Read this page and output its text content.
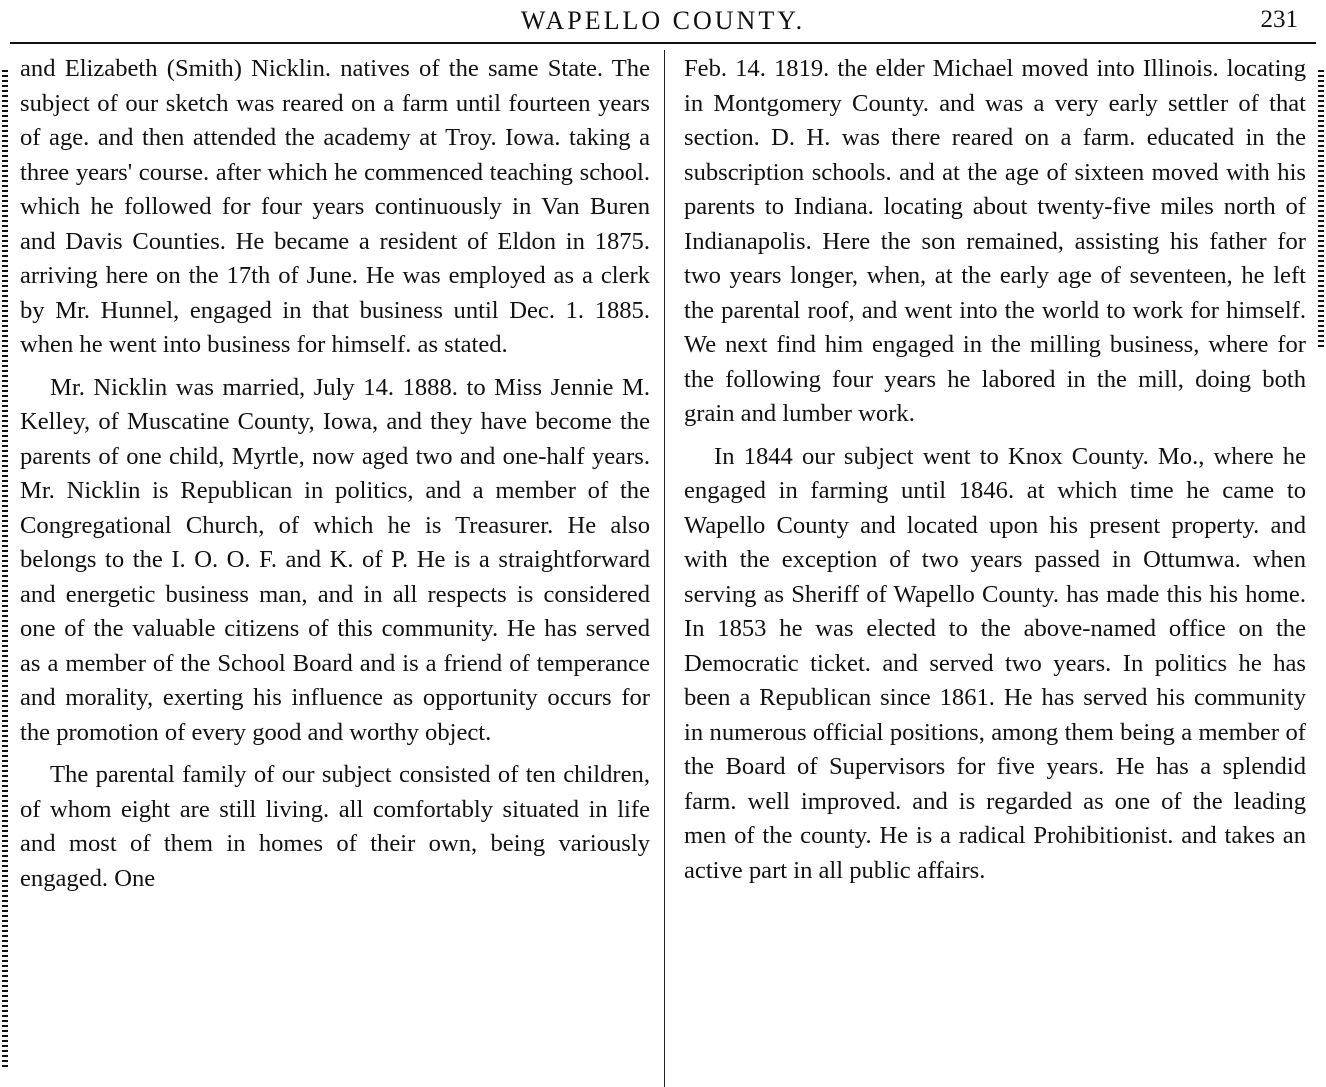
WAPELLO COUNTY.	231

and Elizabeth (Smith) Nicklin. natives of the same State. The subject of our sketch was reared on a farm until fourteen years of age. and then attended the academy at Troy. Iowa. taking a three years' course. after which he commenced teaching school. which he followed for four years continuously in Van Buren and Davis Counties. He became a resident of Eldon in 1875. arriving here on the 17th of June. He was employed as a clerk by Mr. Hunnel, engaged in that business until Dec. 1. 1885. when he went into business for himself. as stated.

Mr. Nicklin was married, July 14. 1888. to Miss Jennie M. Kelley, of Muscatine County, Iowa, and they have become the parents of one child, Myrtle, now aged two and one-half years. Mr. Nicklin is Republican in politics, and a member of the Congregational Church, of which he is Treasurer. He also belongs to the I. O. O. F. and K. of P. He is a straightforward and energetic business man, and in all respects is considered one of the valuable citizens of this community. He has served as a member of the School Board and is a friend of temperance and morality, exerting his influence as opportunity occurs for the promotion of every good and worthy object.

The parental family of our subject consisted of ten children, of whom eight are still living. all comfortably situated in life and most of them in homes of their own, being variously engaged. One

Feb. 14. 1819. the elder Michael moved into Illinois. locating in Montgomery County. and was a very early settler of that section. D. H. was there reared on a farm. educated in the subscription schools. and at the age of sixteen moved with his parents to Indiana. locating about twenty-five miles north of Indianapolis. Here the son remained, assisting his father for two years longer, when, at the early age of seventeen, he left the parental roof, and went into the world to work for himself. We next find him engaged in the milling business, where for the following four years he labored in the mill, doing both grain and lumber work.

In 1844 our subject went to Knox County. Mo., where he engaged in farming until 1846. at which time he came to Wapello County and located upon his present property. and with the exception of two years passed in Ottumwa. when serving as Sheriff of Wapello County. has made this his home. In 1853 he was elected to the above-named office on the Democratic ticket. and served two years. In politics he has been a Republican since 1861. He has served his community in numerous official positions, among them being a member of the Board of Supervisors for five years. He has a splendid farm. well improved. and is regarded as one of the leading men of the county. He is a radical Prohibitionist. and takes an active part in all public affairs.
